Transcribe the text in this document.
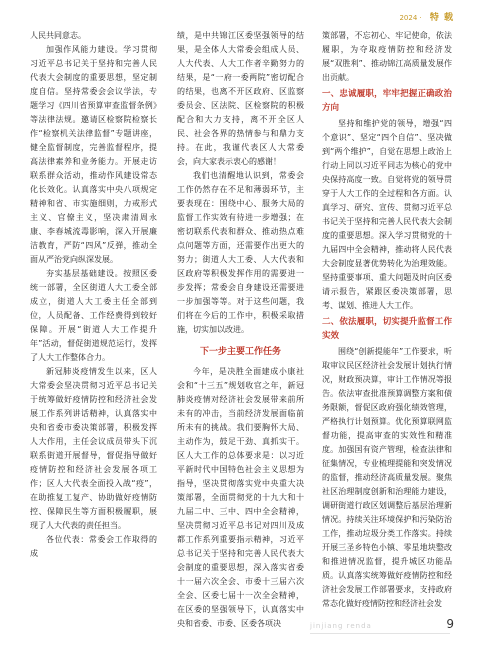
2024 · 特 载

人民共同意志。

加强作风能力建设。学习贯彻习近平总书记关于坚持和完善人民代表大会制度的重要思想，坚定制度自信。坚持常委会会议学法，专题学习《四川省预算审查监督条例》等法律法规。邀请区检察院检察长作“检察机关法律监督”专题讲座，健全监督制度，完善监督程序，提高法律素养和业务能力。开展走访联系群众活动，推动作风建设常态化长效化。认真落实中央八项规定精神和省、市实施细则，力戒形式主义、官僚主义，坚决肃清周永康、李春城流毒影响，深入开展廉洁教育，严防“四风”反弹，推动全面从严治党向纵深发展。

夯实基层基础建设。按照区委统一部署，全区街道人大工委全部成立，街道人大工委主任全部到位，人员配备、工作经费得到较好保障。开展“街道人大工作提升年”活动，督促街道规范运行，发挥了人大工作整体合力。

新冠肺炎疫情发生以来，区人大常委会坚决贯彻习近平总书记关于统筹做好疫情防控和经济社会发展工作系列讲话精神，认真落实中央和省委市委决策部署，积极发挥人大作用，主任会议成员带头下沉联系街道开展督导，督促指导做好疫情防控和经济社会发展各项工作；区人大代表全面投入战“疫”，在助推复工复产、协助做好疫情防控、保障民生等方面积极履职，展现了人大代表的责任担当。

各位代表：常委会工作取得的成

绩，是中共锦江区委坚强领导的结果，是全体人大常委会组成人员、人大代表、人大工作者辛勤努力的结果，是“一府一委两院”密切配合的结果，也离不开区政府、区监察委员会、区法院、区检察院的积极配合和大力支持，离不开全区人民、社会各界的热情参与和鼎力支持。在此，我谨代表区人大常委会，向大家表示衷心的感谢！

我们也清醒地认识到，常委会工作仍然存在不足和薄弱环节，主要表现在：围绕中心、服务大局的监督工作实效有待进一步增强；在密切联系代表和群众、推动热点难点问题等方面，还需要作出更大的努力；街道人大工委、人大代表和区政府等积极发挥作用的需要进一步发挥；常委会自身建设还需要进一步加强等等。对于这些问题，我们将在今后的工作中，积极采取措施，切实加以改进。

下一步主要工作任务

今年，是决胜全面建成小康社会和“十三五”规划收官之年，新冠肺炎疫情对经济社会发展带来前所未有的冲击，当前经济发展面临前所未有的挑战。我们要胸怀大局、主动作为，鼓足干劲、真抓实干。区人大工作的总体要求是：以习近平新时代中国特色社会主义思想为指导，坚决贯彻落实党中央重大决策部署，全面贯彻党的十九大和十九届二中、三中、四中全会精神，坚决贯彻习近平总书记对四川及成都工作系列重要指示精神，习近平总书记关于坚持和完善人民代表大会制度的重要思想，深入落实省委十一届六次全会、市委十三届六次全会、区委七届十一次全会精神，在区委的坚强领导下，认真落实中央和省委、市委、区委各项决

策部署，不忘初心、牢记使命，依法履职，为夺取疫情防控和经济发展“双胜利”、推动锦江高质量发展作出贡献。

一、忠诚履职，牢牢把握正确政治方向

坚持和维护党的领导，增强“四个意识”、坚定“四个自信”、坚决做到“两个维护”，自觉在思想上政治上行动上同以习近平同志为核心的党中央保持高度一致。自觉将党的领导贯穿于人大工作的全过程和各方面。认真学习、研究、宣传、贯彻习近平总书记关于坚持和完善人民代表大会制度的重要思想。深入学习贯彻党的十九届四中全会精神，推动将人民代表大会制度显著优势转化为治理效能。坚持重要事项、重大问题及时向区委请示报告，紧跟区委决策部署，思考、谋划、推进人大工作。

二、依法履职，切实提升监督工作实效

围绕“创新提能年”工作要求，听取审议民区经济社会发展计划执行情况，财政预决算，审计工作情况等报告。依法审查批准预算调整方案和债务限额，督促区政府强化绩效管理，严格执行计划预算。优化预算联网监督功能，提高审查的实效性和精准度。加强国有资产管理，检查法律和征集情况，专业梳理提能和突发情况的监督，推动经济高质量发展。聚焦社区治理制度创新和治理能力建设，调研街道行政区划调整后基层治理新情况。持续关注环境保护和污染防治工作，推动垃圾分类工作落实。持续开展三圣乡特色小镇、零星地块整改和推进情况监督，提升城区功能品质。认真落实统筹做好疫情防控和经济社会发展工作部署要求，支持政府常态化做好疫情防控和经济社会发

9
jinjiang renda
